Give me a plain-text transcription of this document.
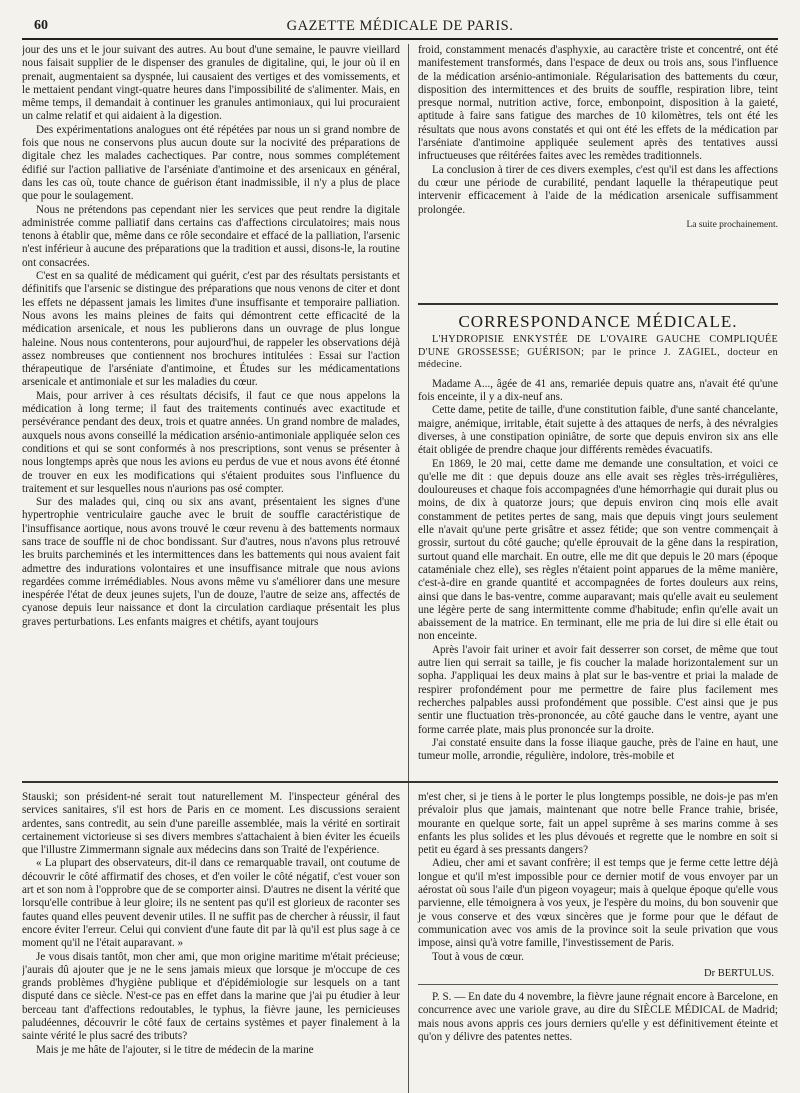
60	GAZETTE MÉDICALE DE PARIS.

jour des uns et le jour suivant des autres. Au bout d'une semaine, le pauvre vieillard nous faisait supplier de le dispenser des granules de digitaline, qui, le jour où il en prenait, augmentaient sa dyspnée, lui causaient des vertiges et des vomissements, et le mettaient pendant vingt-quatre heures dans l'impossibilité de s'alimenter. Mais, en même temps, il demandait à continuer les granules antimoniaux, qui lui procuraient un calme relatif et qui aidaient à la digestion.

Des expérimentations analogues ont été répétées par nous un si grand nombre de fois que nous ne conservons plus aucun doute sur la nocivité des préparations de digitale chez les malades cachectiques. Par contre, nous sommes complétement édifié sur l'action palliative de l'arséniate d'antimoine et des arsenicaux en général, dans les cas où, toute chance de guérison étant inadmissible, il n'y a plus de place que pour le soulagement.

Nous ne prétendons pas cependant nier les services que peut rendre la digitale administrée comme palliatif dans certains cas d'affections circulatoires; mais nous tenons à établir que, même dans ce rôle secondaire et effacé de la palliation, l'arsenic n'est inférieur à aucune des préparations que la tradition et aussi, disons-le, la routine ont consacrées.

C'est en sa qualité de médicament qui guérit, c'est par des résultats persistants et définitifs que l'arsenic se distingue des préparations que nous venons de citer et dont les effets ne dépassent jamais les limites d'une insuffisante et temporaire palliation. Nous avons les mains pleines de faits qui démontrent cette efficacité de la médication arsenicale, et nous les publierons dans un ouvrage de plus longue haleine. Nous nous contenterons, pour aujourd'hui, de rappeler les observations déjà assez nombreuses que contiennent nos brochures intitulées : Essai sur l'action thérapeutique de l'arséniate d'antimoine, et Études sur les médicamentations arsenicale et antimoniale et sur les maladies du cœur.

Mais, pour arriver à ces résultats décisifs, il faut ce que nous appelons la médication à long terme; il faut des traitements continués avec exactitude et persévérance pendant des deux, trois et quatre années. Un grand nombre de malades, auxquels nous avons conseillé la médication arsénio-antimoniale appliquée selon ces conditions et qui se sont conformés à nos prescriptions, sont venus se présenter à nous longtemps après que nous les avions eu perdus de vue et nous avons été étonné de trouver en eux les modifications qui s'étaient produites sous l'influence du traitement et sur lesquelles nous n'aurions pas osé compter.

Sur des malades qui, cinq ou six ans avant, présentaient les signes d'une hypertrophie ventriculaire gauche avec le bruit de souffle caractéristique de l'insuffisance aortique, nous avons trouvé le cœur revenu à des battements normaux sans trace de souffle ni de choc bondissant. Sur d'autres, nous n'avons plus retrouvé les bruits parcheminés et les intermittences dans les battements qui nous avaient fait admettre des indurations volontaires et une insuffisance mitrale que nous avions regardées comme irrémédiables. Nous avons même vu s'améliorer dans une mesure inespérée l'état de deux jeunes sujets, l'un de douze, l'autre de seize ans, affectés de cyanose depuis leur naissance et dont la circulation cardiaque présentait les plus graves perturbations. Les enfants maigres et chétifs, ayant toujours

froid, constamment menacés d'asphyxie, au caractère triste et concentré, ont été manifestement transformés, dans l'espace de deux ou trois ans, sous l'influence de la médication arsénio-antimoniale. Régularisation des battements du cœur, disposition des intermittences et des bruits de souffle, respiration libre, teint presque normal, nutrition active, force, embonpoint, disposition à la gaieté, aptitude à faire sans fatigue des marches de 10 kilomètres, tels ont été les résultats que nous avons constatés et qui ont été les effets de la médication par l'arséniate d'antimoine appliquée seulement après des tentatives aussi infructueuses que réitérées faites avec les remèdes traditionnels.

La conclusion à tirer de ces divers exemples, c'est qu'il est dans les affections du cœur une période de curabilité, pendant laquelle la thérapeutique peut intervenir efficacement à l'aide de la médication arsenicale suffisamment prolongée.

La suite prochainement.
CORRESPONDANCE MÉDICALE.
L'HYDROPISIE ENKYSTÉE DE L'OVAIRE GAUCHE COMPLIQUÉE D'UNE GROSSESSE; GUÉRISON; par le prince J. ZAGIEL, docteur en médecine.

Madame A..., âgée de 41 ans, remariée depuis quatre ans, n'avait été qu'une fois enceinte, il y a dix-neuf ans.

Cette dame, petite de taille, d'une constitution faible, d'une santé chancelante, maigre, anémique, irritable, était sujette à des attaques de nerfs, à des névralgies diverses, à une constipation opiniâtre, de sorte que depuis environ six ans elle était obligée de prendre chaque jour différents remèdes évacuatifs.

En 1869, le 20 mai, cette dame me demande une consultation, et voici ce qu'elle me dit : que depuis douze ans elle avait ses règles très-irrégulières, douloureuses et chaque fois accompagnées d'une hémorrhagie qui durait plus ou moins, de dix à quatorze jours; que depuis environ cinq mois elle avait constamment de petites pertes de sang, mais que depuis vingt jours seulement elle n'avait qu'une perte grisâtre et assez fétide; que son ventre commençait à grossir, surtout du côté gauche; qu'elle éprouvait de la gêne dans la respiration, surtout quand elle marchait. En outre, elle me dit que depuis le 20 mars (époque cataméniale chez elle), ses règles n'étaient point apparues de la même manière, c'est-à-dire en grande quantité et accompagnées de fortes douleurs aux reins, ainsi que dans le bas-ventre, comme auparavant; mais qu'elle avait eu seulement une légère perte de sang intermittente comme d'habitude; enfin qu'elle avait un abaissement de la matrice. En terminant, elle me pria de lui dire si elle était ou non enceinte.

Après l'avoir fait uriner et avoir fait desserrer son corset, de même que tout autre lien qui serrait sa taille, je fis coucher la malade horizontalement sur un sopha. J'appliquai les deux mains à plat sur le bas-ventre et priai la malade de respirer profondément pour me permettre de faire plus facilement mes recherches palpables aussi profondément que possible. C'est ainsi que je pus sentir une fluctuation très-prononcée, au côté gauche dans le ventre, ayant une forme carrée plate, mais plus prononcée sur la droite.

J'ai constaté ensuite dans la fosse iliaque gauche, près de l'aine en haut, une tumeur molle, arrondie, régulière, indolore, très-mobile et

Stauski; son président-né serait tout naturellement M. l'inspecteur général des services sanitaires, s'il est hors de Paris en ce moment. Les discussions seraient ardentes, sans contredit, au sein d'une pareille assemblée, mais la vérité en sortirait certainement victorieuse si ses divers membres s'attachaient à bien éviter les écueils que l'illustre Zimmermann signale aux médecins dans son Traité de l'expérience.

« La plupart des observateurs, dit-il dans ce remarquable travail, ont coutume de découvrir le côté affirmatif des choses, et d'en voiler le côté négatif, c'est vouer son art et son nom à l'opprobre que de se comporter ainsi. D'autres ne disent la vérité que lorsqu'elle contribue à leur gloire; ils ne sentent pas qu'il est glorieux de raconter ses fautes quand elles peuvent devenir utiles. Il ne suffit pas de chercher à réussir, il faut encore éviter l'erreur. Celui qui convient d'une faute dit par là qu'il est plus sage à ce moment qu'il ne l'était auparavant. »

Je vous disais tantôt, mon cher ami, que mon origine maritime m'était précieuse; j'aurais dû ajouter que je ne le sens jamais mieux que lorsque je m'occupe de ces grands problèmes d'hygiène publique et d'épidémiologie sur lesquels on a tant disputé dans ce siècle. N'est-ce pas en effet dans la marine que j'ai pu étudier à leur berceau tant d'affections redoutables, le typhus, la fièvre jaune, les pernicieuses paludéennes, découvrir le côté faux de certains systèmes et payer finalement à la sainte vérité le plus sacré des tributs?

Mais je me hâte de l'ajouter, si le titre de médecin de la marine

m'est cher, si je tiens à le porter le plus longtemps possible, ne dois-je pas m'en prévaloir plus que jamais, maintenant que notre belle France trahie, brisée, mourante en quelque sorte, fait un appel suprême à ses marins comme à ses enfants les plus solides et les plus dévoués et regrette que le nombre en soit si petit eu égard à ses pressants dangers?

Adieu, cher ami et savant confrère; il est temps que je ferme cette lettre déjà longue et qu'il m'est impossible pour ce dernier motif de vous envoyer par un aérostat où sous l'aile d'un pigeon voyageur; mais à quelque époque qu'elle vous parvienne, elle témoignera à vos yeux, je l'espère du moins, du bon souvenir que je vous conserve et des vœux sincères que je forme pour que le défaut de communication avec vos amis de la province soit la seule privation que vous impose, ainsi qu'à votre famille, l'investissement de Paris.

Tout à vous de cœur.

Dr BERTULUS.

P. S. — En date du 4 novembre, la fièvre jaune régnait encore à Barcelone, en concurrence avec une variole grave, au dire du SIÈCLE MÉDICAL de Madrid; mais nous avons appris ces jours derniers qu'elle y est définitivement éteinte et qu'on y délivre des patentes nettes.
